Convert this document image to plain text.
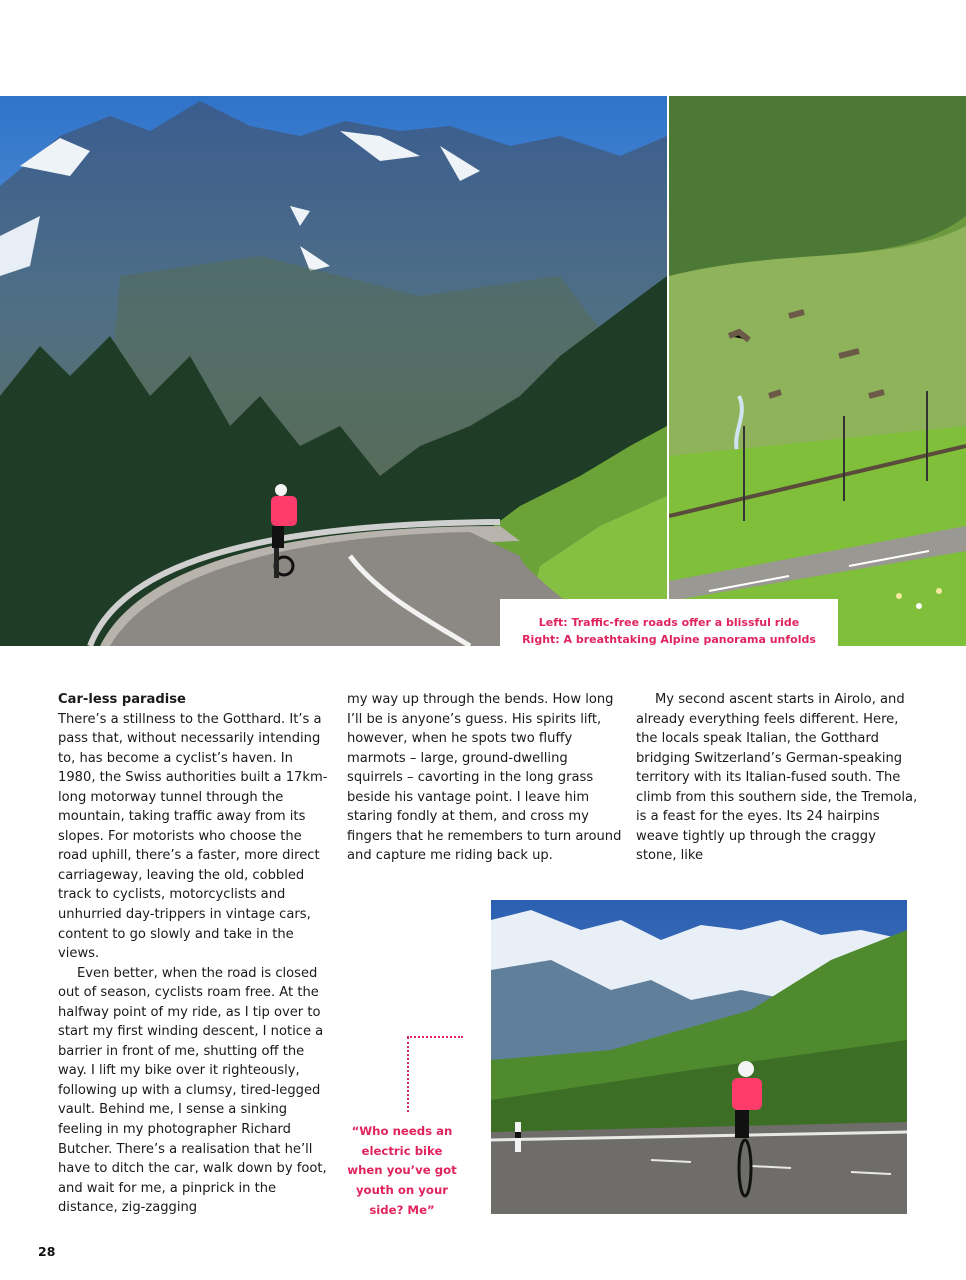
Left: Traffic-free roads offer a blissful ride
Right: A breathtaking Alpine panorama unfolds

Car-less paradise

There’s a stillness to the Gotthard. It’s a pass that, without necessarily intending to, has become a cyclist’s haven. In 1980, the Swiss authorities built a 17km-long motorway tunnel through the mountain, taking traffic away from its slopes. For motorists who choose the road uphill, there’s a faster, more direct carriageway, leaving the old, cobbled track to cyclists, motorcyclists and unhurried day-trippers in vintage cars, content to go slowly and take in the views.

Even better, when the road is closed out of season, cyclists roam free. At the halfway point of my ride, as I tip over to start my first winding descent, I notice a barrier in front of me, shutting off the way. I lift my bike over it righteously, following up with a clumsy, tired-legged vault. Behind me, I sense a sinking feeling in my photographer Richard Butcher. There’s a realisation that he’ll have to ditch the car, walk down by foot, and wait for me, a pinprick in the distance, zig-zagging

my way up through the bends. How long I’ll be is anyone’s guess. His spirits lift, however, when he spots two fluffy marmots – large, ground-dwelling squirrels – cavorting in the long grass beside his vantage point. I leave him staring fondly at them, and cross my fingers that he remembers to turn around and capture me riding back up.

My second ascent starts in Airolo, and already everything feels different. Here, the locals speak Italian, the Gotthard bridging Switzerland’s German-speaking territory with its Italian-fused south. The climb from this southern side, the Tremola, is a feast for the eyes. Its 24 hairpins weave tightly up through the craggy stone, like

“Who needs an electric bike when you’ve got youth on your side? Me”
28
